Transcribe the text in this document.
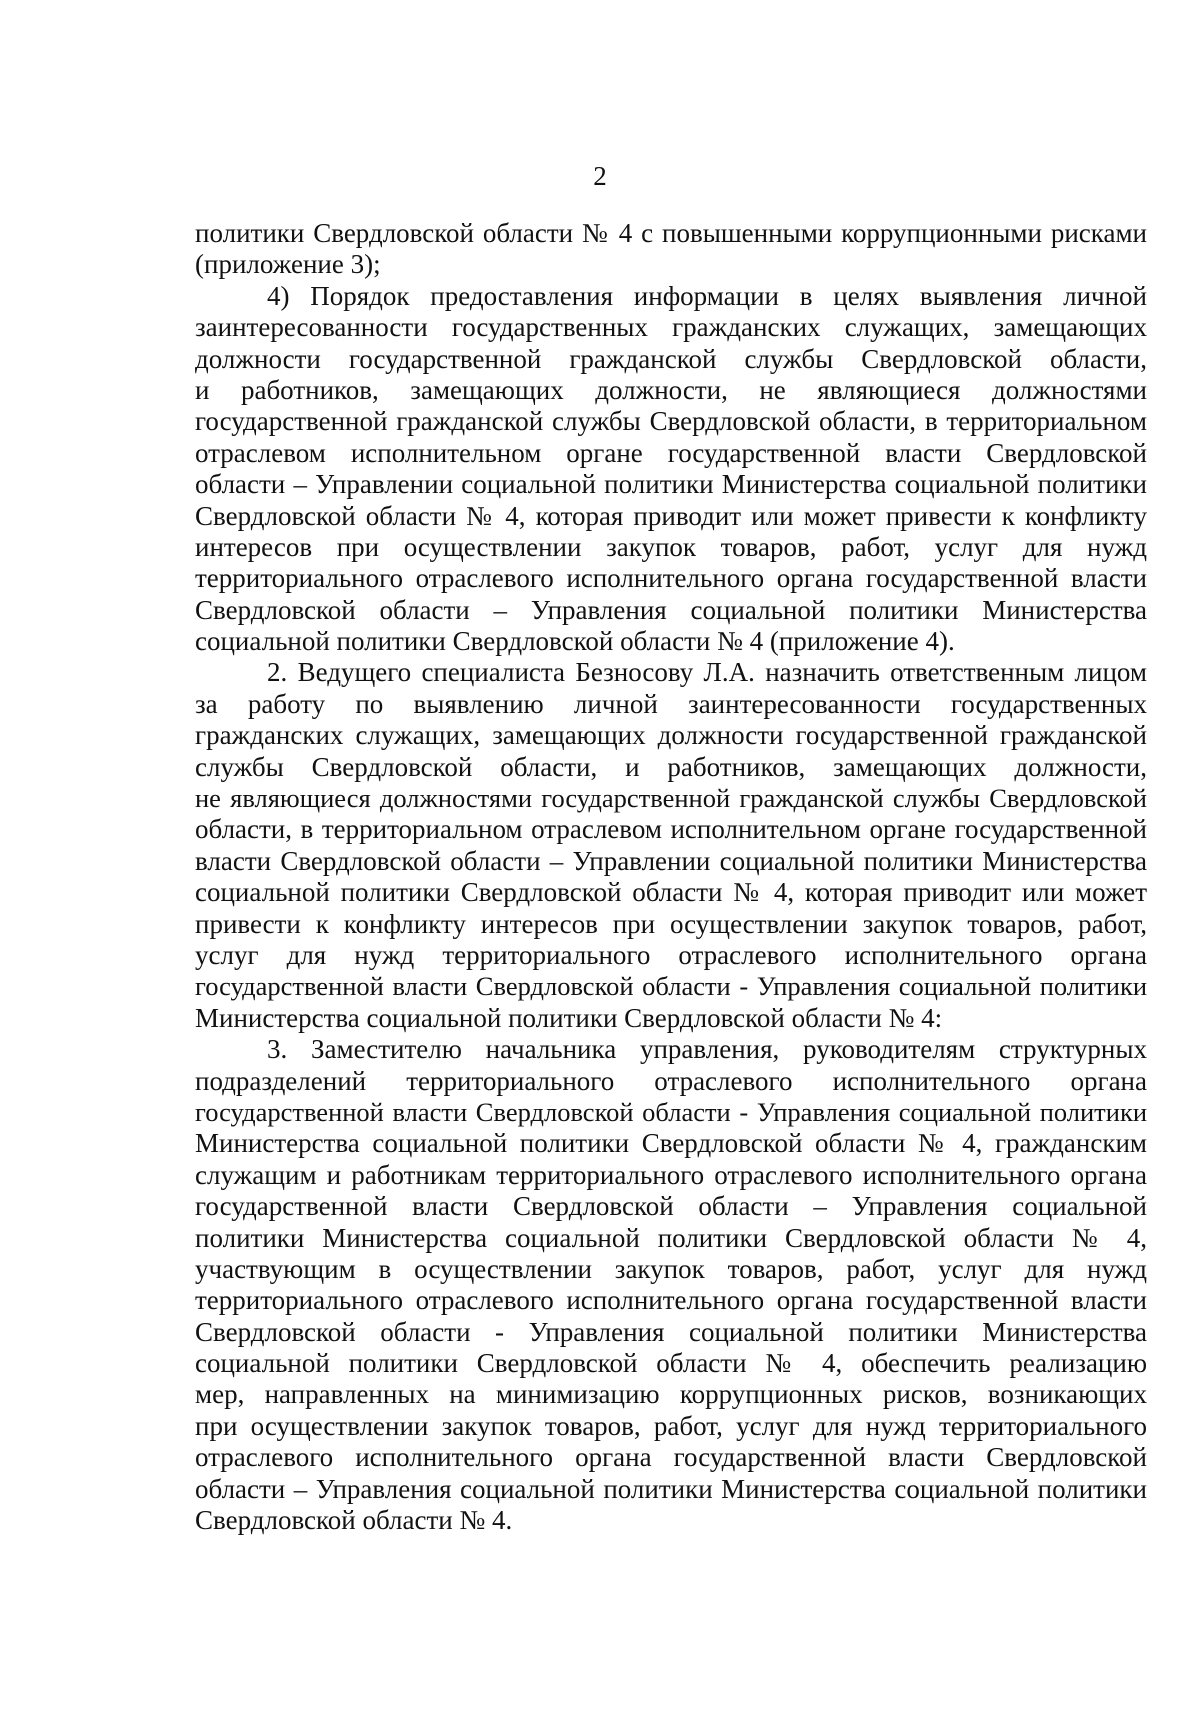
2
политики Свердловской области № 4 с повышенными коррупционными рисками
(приложение 3);
4) Порядок предоставления информации в целях выявления личной
заинтересованности государственных гражданских служащих, замещающих
должности государственной гражданской службы Свердловской области,
и работников, замещающих должности, не являющиеся должностями
государственной гражданской службы Свердловской области, в территориальном
отраслевом исполнительном органе государственной власти Свердловской
области – Управлении социальной политики Министерства социальной политики
Свердловской области № 4, которая приводит или может привести к конфликту
интересов при осуществлении закупок товаров, работ, услуг для нужд
территориального отраслевого исполнительного органа государственной власти
Свердловской области – Управления социальной политики Министерства
социальной политики Свердловской области № 4 (приложение 4).
2. Ведущего специалиста Безносову Л.А. назначить ответственным лицом
за работу по выявлению личной заинтересованности государственных
гражданских служащих, замещающих должности государственной гражданской
службы Свердловской области, и работников, замещающих должности,
не являющиеся должностями государственной гражданской службы Свердловской
области, в территориальном отраслевом исполнительном органе государственной
власти Свердловской области – Управлении социальной политики Министерства
социальной политики Свердловской области № 4, которая приводит или может
привести к конфликту интересов при осуществлении закупок товаров, работ,
услуг для нужд территориального отраслевого исполнительного органа
государственной власти Свердловской области - Управления социальной политики
Министерства социальной политики Свердловской области № 4:
3. Заместителю начальника управления, руководителям структурных
подразделений территориального отраслевого исполнительного органа
государственной власти Свердловской области - Управления социальной политики
Министерства социальной политики Свердловской области № 4, гражданским
служащим и работникам территориального отраслевого исполнительного органа
государственной власти Свердловской области – Управления социальной
политики Министерства социальной политики Свердловской области № 4,
участвующим в осуществлении закупок товаров, работ, услуг для нужд
территориального отраслевого исполнительного органа государственной власти
Свердловской области - Управления социальной политики Министерства
социальной политики Свердловской области № 4, обеспечить реализацию
мер, направленных на минимизацию коррупционных рисков, возникающих
при осуществлении закупок товаров, работ, услуг для нужд территориального
отраслевого исполнительного органа государственной власти Свердловской
области – Управления социальной политики Министерства социальной политики
Свердловской области № 4.
